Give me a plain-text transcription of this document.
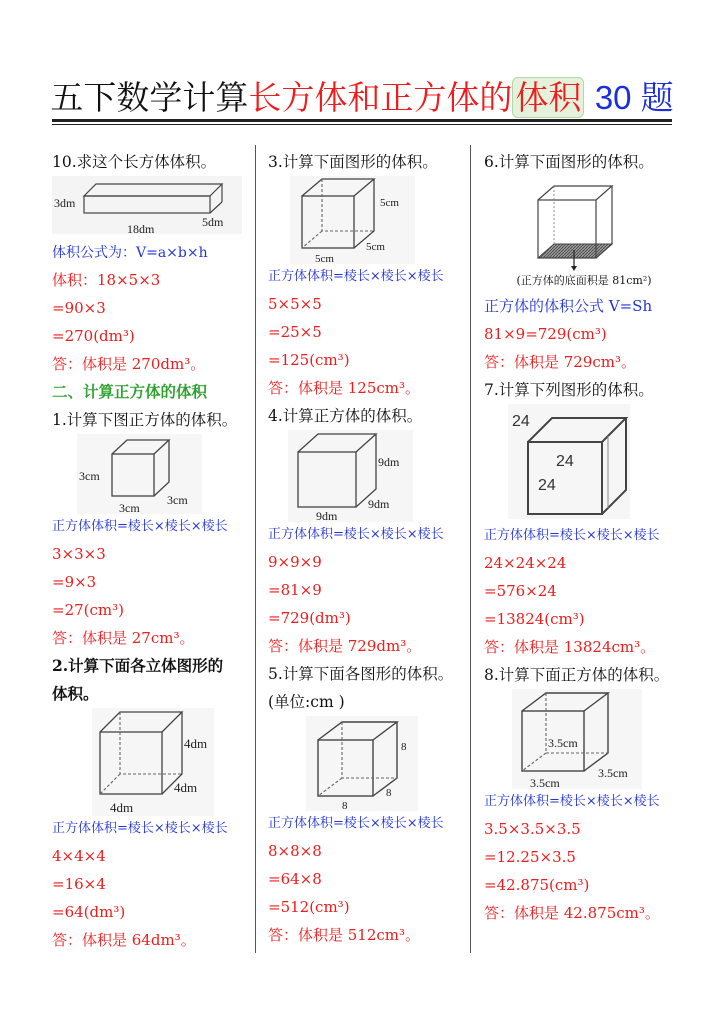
五下数学计算长方体和正方体的体积 30 题
10.求这个长方体体积。
3dm
5dm
18dm
体积公式为：V=a×b×h
体积：18×5×3
=90×3
=270(dm³)
答：体积是 270dm³。
二、计算正方体的体积
1.计算下图正方体的体积。
3cm
3cm
3cm
正方体体积=棱长×棱长×棱长
3×3×3
=9×3
=27(cm³)
答：体积是 27cm³。
2.计算下面各立体图形的
体积。
4dm
4dm
4dm
正方体体积=棱长×棱长×棱长
4×4×4
=16×4
=64(dm³)
答：体积是 64dm³。
3.计算下面图形的体积。
5cm
5cm
5cm
正方体体积=棱长×棱长×棱长
5×5×5
=25×5
=125(cm³)
答：体积是 125cm³。
4.计算正方体的体积。
9dm
9dm
9dm
正方体体积=棱长×棱长×棱长
9×9×9
=81×9
=729(dm³)
答：体积是 729dm³。
5.计算下面各图形的体积。
(单位:cm )
8
8
8
正方体体积=棱长×棱长×棱长
8×8×8
=64×8
=512(cm³)
答：体积是 512cm³。
6.计算下面图形的体积。
(正方体的底面积是 81cm²)
正方体的体积公式 V=Sh
81×9=729(cm³)
答：体积是 729cm³。
7.计算下列图形的体积。
24
24
24
正方体体积=棱长×棱长×棱长
24×24×24
=576×24
=13824(cm³)
答：体积是 13824cm³。
8.计算下面正方体的体积。
3.5cm
3.5cm
3.5cm
正方体体积=棱长×棱长×棱长
3.5×3.5×3.5
=12.25×3.5
=42.875(cm³)
答：体积是 42.875cm³。
